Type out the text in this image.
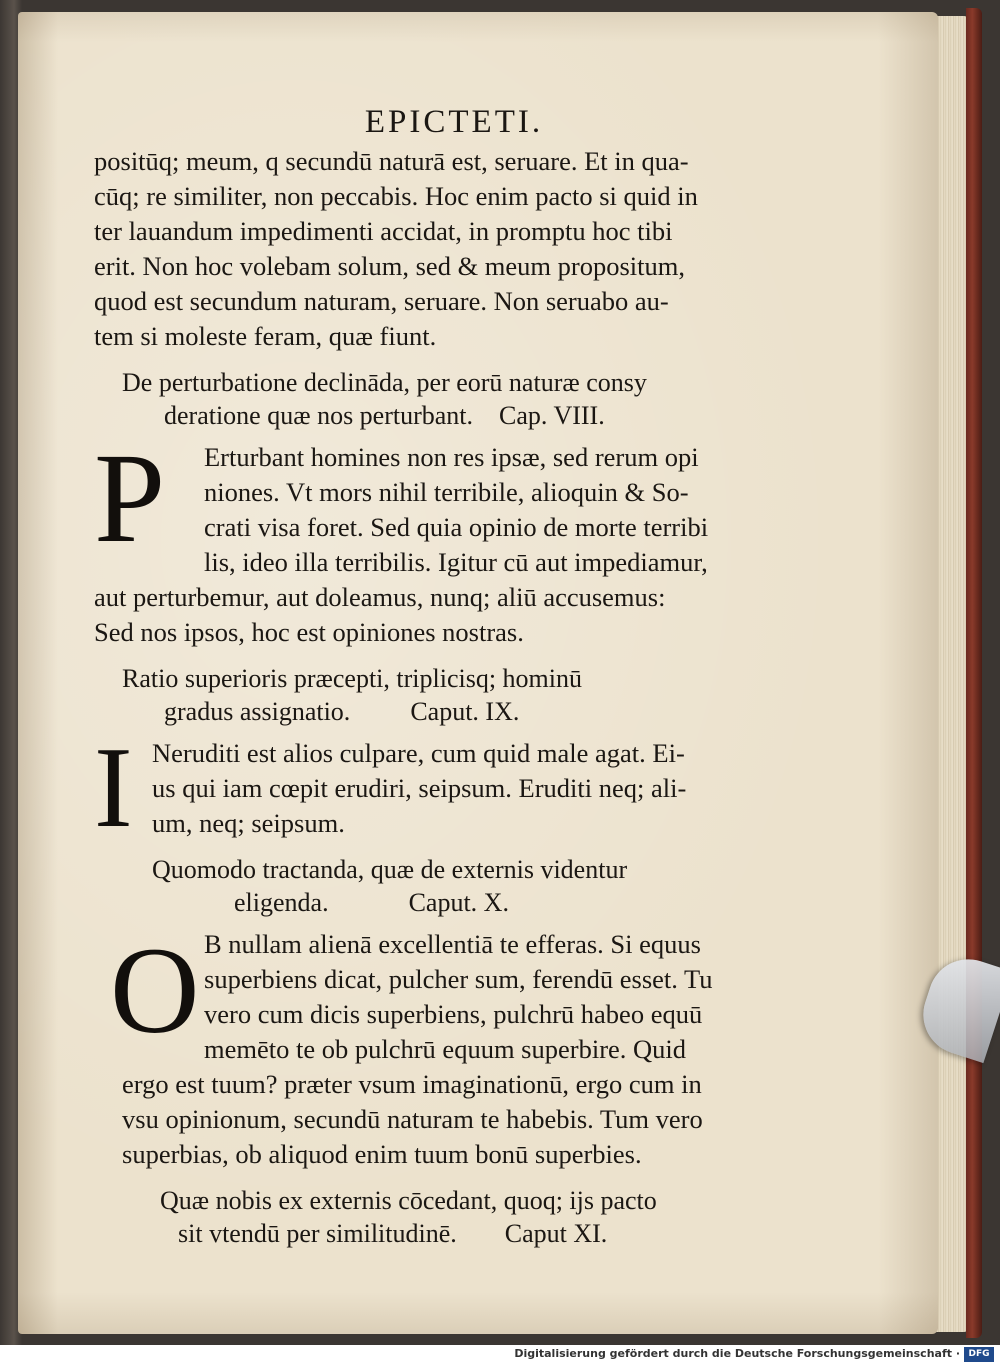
EPICTETI.
positūq; meum, q secundū naturā est, seruare. Et in qua-
cūq; re similiter, non peccabis. Hoc enim pacto si quid in
ter lauandum impedimenti accidat, in promptu hoc tibi
erit. Non hoc volebam solum, sed & meum propositum,
quod est secundum naturam, seruare. Non seruabo au-
tem si moleste feram, quæ fiunt.
De perturbatione declināda, per eorū naturæ consy
deratione quæ nos perturbant. Cap. VIII.
P	Erturbant homines non res ipsæ, sed rerum opi
niones. Vt mors nihil terribile, alioquin & So-
crati visa foret. Sed quia opinio de morte terribi
lis, ideo illa terribilis. Igitur cū aut impediamur,
aut perturbemur, aut doleamus, nunq; aliū accusemus:
Sed nos ipsos, hoc est opiniones nostras.
Ratio superioris præcepti, triplicisq; hominū
gradus assignatio. Caput. IX.
I Neruditi est alios culpare, cum quid male agat. Ei-
us qui iam cœpit erudiri, seipsum. Eruditi neq; ali-
um, neq; seipsum.
Quomodo tractanda, quæ de externis videntur
eligenda.	Caput. X.
O B nullam alienā excellentiā te efferas. Si equus
superbiens dicat, pulcher sum, ferendū esset. Tu
vero cum dicis superbiens, pulchrū habeo equū
memēto te ob pulchrū equum superbire. Quid
ergo est tuum? præter vsum imaginationū, ergo cum in
vsu opinionum, secundū naturam te habebis. Tum vero
superbias, ob aliquod enim tuum bonū superbies.
Quæ nobis ex externis cōcedant, quoq; ijs pacto
sit vtendū per similitudinē. Caput XI.
Digitalisierung gefördert durch die Deutsche Forschungsgemeinschaft · DFG
